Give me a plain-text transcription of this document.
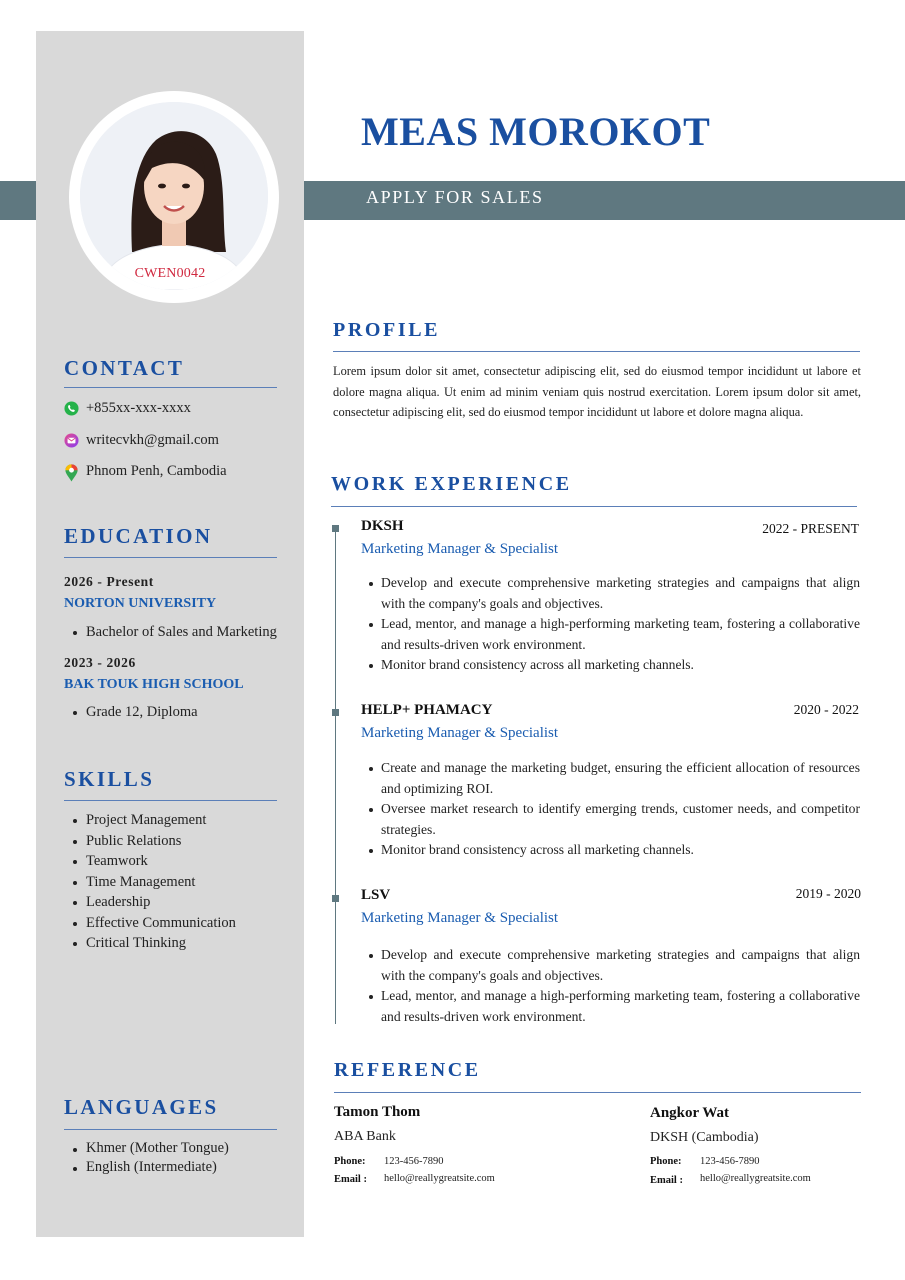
CWEN0042
MEAS MOROKOT
APPLY FOR SALES
CONTACT
+855xx-xxx-xxxx
writecvkh@gmail.com
Phnom Penh, Cambodia
EDUCATION
2026 - Present
NORTON UNIVERSITY
Bachelor of Sales and Marketing
2023 - 2026
BAK TOUK HIGH SCHOOL
Grade 12, Diploma
SKILLS
Project Management
Public Relations
Teamwork
Time Management
Leadership
Effective Communication
Critical Thinking
LANGUAGES
Khmer (Mother Tongue)
English (Intermediate)
PROFILE
Lorem ipsum dolor sit amet, consectetur adipiscing elit, sed do eiusmod tempor incididunt ut labore et dolore magna aliqua. Ut enim ad minim veniam quis nostrud exercitation. Lorem ipsum dolor sit amet, consectetur adipiscing elit, sed do eiusmod tempor incididunt ut labore et dolore magna aliqua.
WORK EXPERIENCE
DKSH	2022 - PRESENT
Marketing Manager & Specialist
Develop and execute comprehensive marketing strategies and campaigns that align with the company's goals and objectives.
Lead, mentor, and manage a high-performing marketing team, fostering a collaborative and results-driven work environment.
Monitor brand consistency across all marketing channels.
HELP+ PHAMACY	2020 - 2022
Marketing Manager & Specialist
Create and manage the marketing budget, ensuring the efficient allocation of resources and optimizing ROI.
Oversee market research to identify emerging trends, customer needs, and competitor strategies.
Monitor brand consistency across all marketing channels.
LSV	2019 - 2020
Marketing Manager & Specialist
Develop and execute comprehensive marketing strategies and campaigns that align with the company's goals and objectives.
Lead, mentor, and manage a high-performing marketing team, fostering a collaborative and results-driven work environment.
REFERENCE
Tamon Thom
ABA Bank
Phone: 123-456-7890
Email : hello@reallygreatsite.com
Angkor Wat
DKSH (Cambodia)
Phone: 123-456-7890
Email : hello@reallygreatsite.com
